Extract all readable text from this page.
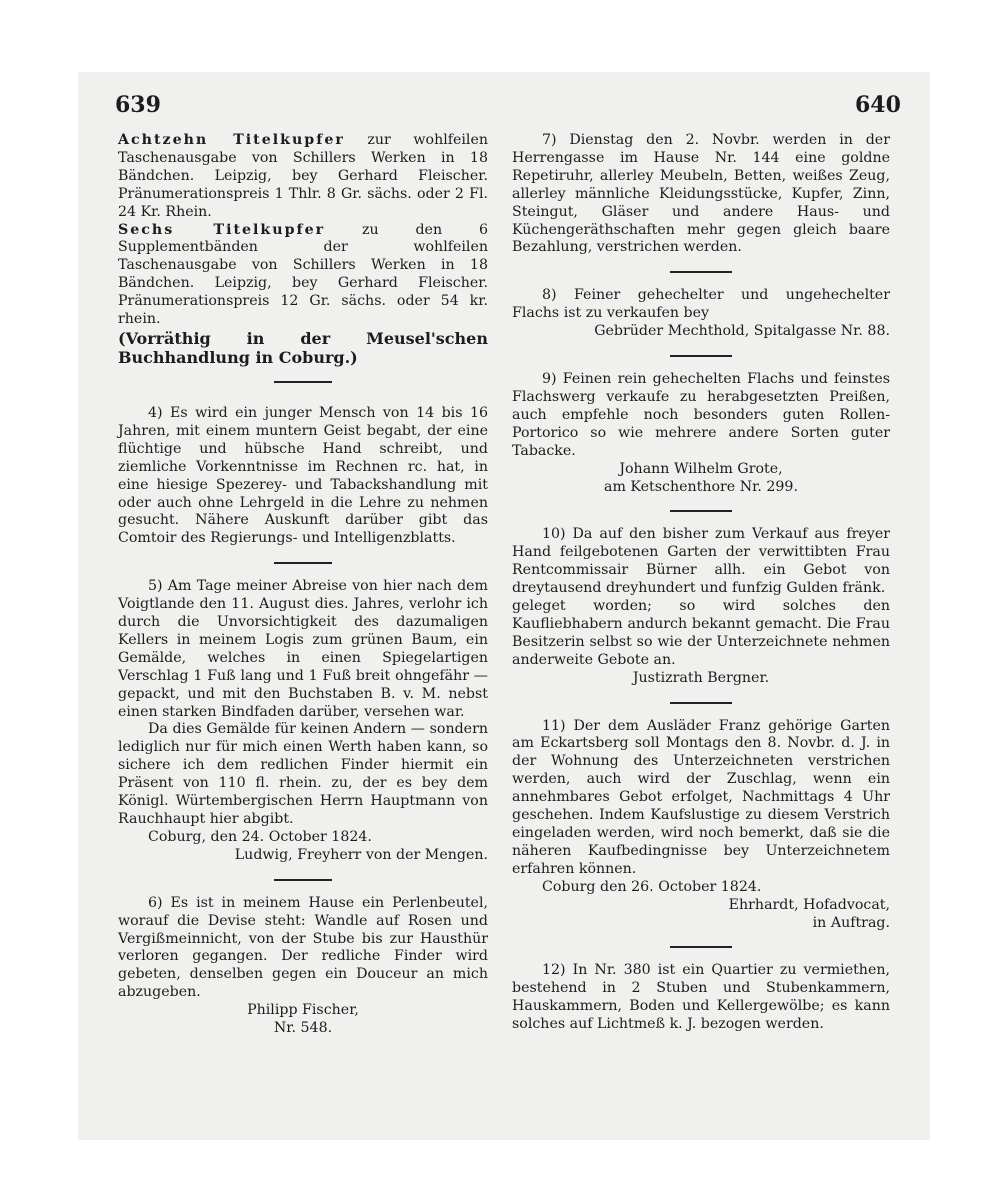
639	640

Achtzehn Titelkupfer zur wohlfeilen Taschenausgabe von Schillers Werken in 18 Bändchen. Leipzig, bey Gerhard Fleischer. Pränumerationspreis 1 Thlr. 8 Gr. sächs. oder 2 Fl. 24 Kr. Rhein.

Sechs Titelkupfer zu den 6 Supplementbänden der wohlfeilen Taschenausgabe von Schillers Werken in 18 Bändchen. Leipzig, bey Gerhard Fleischer. Pränumerationspreis 12 Gr. sächs. oder 54 kr. rhein.

(Vorräthig in der Meusel'schen Buchhandlung in Coburg.)

4) Es wird ein junger Mensch von 14 bis 16 Jahren, mit einem muntern Geist begabt, der eine flüchtige und hübsche Hand schreibt, und ziemliche Vorkenntnisse im Rechnen rc. hat, in eine hiesige Spezerey- und Tabackshandlung mit oder auch ohne Lehrgeld in die Lehre zu nehmen gesucht. Nähere Auskunft darüber gibt das Comtoir des Regierungs- und Intelligenzblatts.

5) Am Tage meiner Abreise von hier nach dem Voigtlande den 11. August dies. Jahres, verlohr ich durch die Unvorsichtigkeit des dazumaligen Kellers in meinem Logis zum grünen Baum, ein Gemälde, welches in einen Spiegelartigen Verschlag 1 Fuß lang und 1 Fuß breit ohngefähr — gepackt, und mit den Buchstaben B. v. M. nebst einen starken Bindfaden darüber, versehen war.

Da dies Gemälde für keinen Andern — sondern lediglich nur für mich einen Werth haben kann, so sichere ich dem redlichen Finder hiermit ein Präsent von 110 fl. rhein. zu, der es bey dem Königl. Würtembergischen Herrn Hauptmann von Rauchhaupt hier abgibt.

Coburg, den 24. October 1824.

Ludwig, Freyherr von der Mengen.

6) Es ist in meinem Hause ein Perlenbeutel, worauf die Devise steht: Wandle auf Rosen und Vergißmeinnicht, von der Stube bis zur Hausthür verloren gegangen. Der redliche Finder wird gebeten, denselben gegen ein Douceur an mich abzugeben.

Philipp Fischer,

Nr. 548.

7) Dienstag den 2. Novbr. werden in der Herrengasse im Hause Nr. 144 eine goldne Repetiruhr, allerley Meubeln, Betten, weißes Zeug, allerley männliche Kleidungsstücke, Kupfer, Zinn, Steingut, Gläser und andere Haus- und Küchengeräthschaften mehr gegen gleich baare Bezahlung, verstrichen werden.

8) Feiner gehechelter und ungehechelter Flachs ist zu verkaufen bey

Gebrüder Mechthold, Spitalgasse Nr. 88.

9) Feinen rein gehechelten Flachs und feinstes Flachswerg verkaufe zu herabgesetzten Preißen, auch empfehle noch besonders guten Rollen-Portorico so wie mehrere andere Sorten guter Tabacke.

Johann Wilhelm Grote,

am Ketschenthore Nr. 299.

10) Da auf den bisher zum Verkauf aus freyer Hand feilgebotenen Garten der verwittibten Frau Rentcommissair Bürner allh. ein Gebot von dreytausend dreyhundert und funfzig Gulden fränk.

geleget worden; so wird solches den Kaufliebhabern andurch bekannt gemacht. Die Frau Besitzerin selbst so wie der Unterzeichnete nehmen anderweite Gebote an.

Justizrath Bergner.

11) Der dem Ausläder Franz gehörige Garten am Eckartsberg soll Montags den 8. Novbr. d. J. in der Wohnung des Unterzeichneten verstrichen werden, auch wird der Zuschlag, wenn ein annehmbares Gebot erfolget, Nachmittags 4 Uhr geschehen. Indem Kaufslustige zu diesem Verstrich eingeladen werden, wird noch bemerkt, daß sie die näheren Kaufbedingnisse bey Unterzeichnetem erfahren können.

Coburg den 26. October 1824.

Ehrhardt, Hofadvocat,

in Auftrag.

12) In Nr. 380 ist ein Quartier zu vermiethen, bestehend in 2 Stuben und Stubenkammern, Hauskammern, Boden und Kellergewölbe; es kann solches auf Lichtmeß k. J. bezogen werden.
